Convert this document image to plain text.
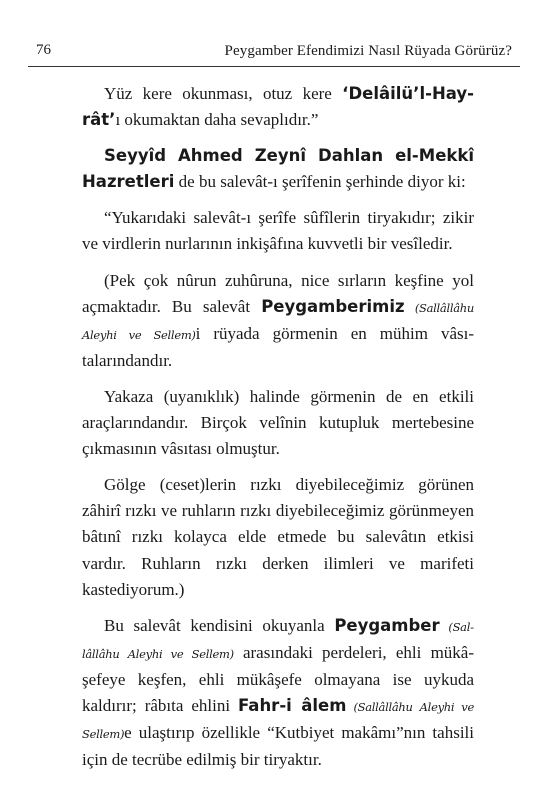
76	Peygamber Efendimizi Nasıl Rüyada Görürüz?

Yüz kere okunması, otuz kere ‘Delâilü’l-Hayrât’ı okumaktan daha sevaplıdır.”

Seyyîd Ahmed Zeynî Dahlan el-Mekkî Hazretleri de bu salevât-ı şerîfenin şerhinde diyor ki:

“Yukarıdaki salevât-ı şerîfe sûfîlerin tiryakıdır; zikir ve virdlerin nurlarının inkişâfına kuvvetli bir vesîledir.

(Pek çok nûrun zuhûruna, nice sırların keşfine yol açmaktadır. Bu salevât Peygamberimiz (Sallâllâhu Aleyhi ve Sellem)i rüyada görmenin en mühim vâsıtalarındandır.

Yakaza (uyanıklık) halinde görmenin de en etkili araçlarındandır. Birçok velînin kutupluk mertebesine çıkmasının vâsıtası olmuştur.

Gölge (ceset)lerin rızkı diyebileceğimiz görünen zâhirî rızkı ve ruhların rızkı diyebileceğimiz görünmeyen bâtınî rızkı kolayca elde etmede bu salevâtın etkisi vardır. Ruhların rızkı derken ilimleri ve marifeti kastediyorum.)

Bu salevât kendisini okuyanla Peygamber (Sallâllâhu Aleyhi ve Sellem) arasındaki perdeleri, ehli mükâşefeye keşfen, ehli mükâşefe olmayana ise uykuda kaldırır; râbıta ehlini Fahr-i âlem (Sallâllâhu Aleyhi ve Sellem)e ulaştırıp özellikle “Kutbiyet makâmı”nın tahsili için de tecrübe edilmiş bir tiryaktır.
